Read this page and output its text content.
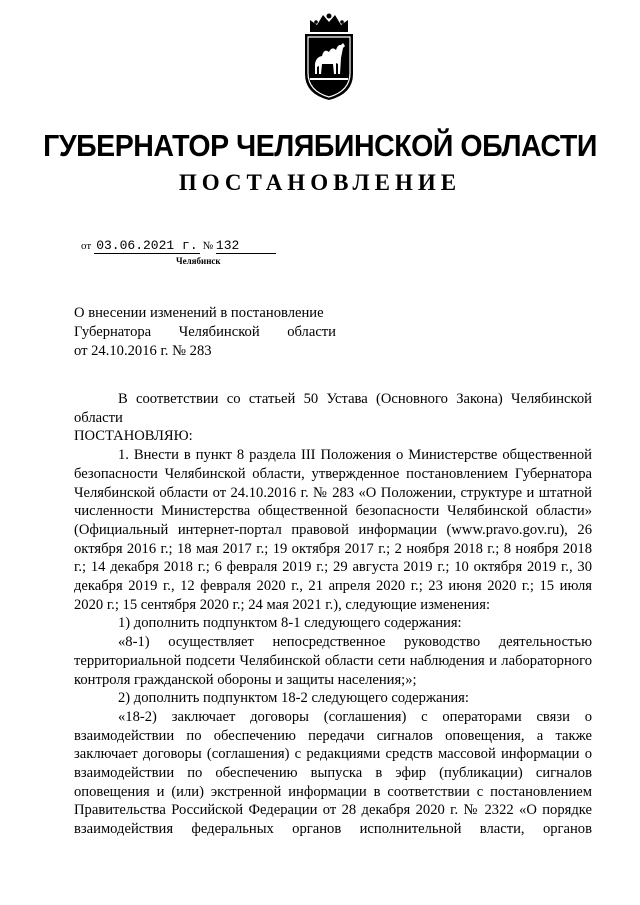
ГУБЕРНАТОР ЧЕЛЯБИНСКОЙ ОБЛАСТИ
ПОСТАНОВЛЕНИЕ
от 03.06.2021 г. № 132
Челябинск
О внесении изменений в постановление
Губернатора Челябинской области
от 24.10.2016 г. № 283

В соответствии со статьей 50 Устава (Основного Закона) Челябинской области

ПОСТАНОВЛЯЮ:

1. Внести в пункт 8 раздела III Положения о Министерстве общественной безопасности Челябинской области, утвержденное постановлением Губернатора Челябинской области от 24.10.2016 г. № 283 «О Положении, структуре и штатной численности Министерства общественной безопасности Челябинской области» (Официальный интернет-портал правовой информации (www.pravo.gov.ru), 26 октября 2016 г.; 18 мая 2017 г.; 19 октября 2017 г.; 2 ноября 2018 г.; 8 ноября 2018 г.; 14 декабря 2018 г.; 6 февраля 2019 г.; 29 августа 2019 г.; 10 октября 2019 г., 30 декабря 2019 г., 12 февраля 2020 г., 21 апреля 2020 г.; 23 июня 2020 г.; 15 июля 2020 г.; 15 сентября 2020 г.; 24 мая 2021 г.), следующие изменения:

1) дополнить подпунктом 8-1 следующего содержания:

«8-1) осуществляет непосредственное руководство деятельностью территориальной подсети Челябинской области сети наблюдения и лабораторного контроля гражданской обороны и защиты населения;»;

2) дополнить подпунктом 18-2 следующего содержания:

«18-2) заключает договоры (соглашения) с операторами связи о взаимодействии по обеспечению передачи сигналов оповещения, а также заключает договоры (соглашения) с редакциями средств массовой информации о взаимодействии по обеспечению выпуска в эфир (публикации) сигналов оповещения и (или) экстренной информации в соответствии с постановлением Правительства Российской Федерации от 28 декабря 2020 г. № 2322 «О порядке взаимодействия федеральных органов исполнительной власти, органов
